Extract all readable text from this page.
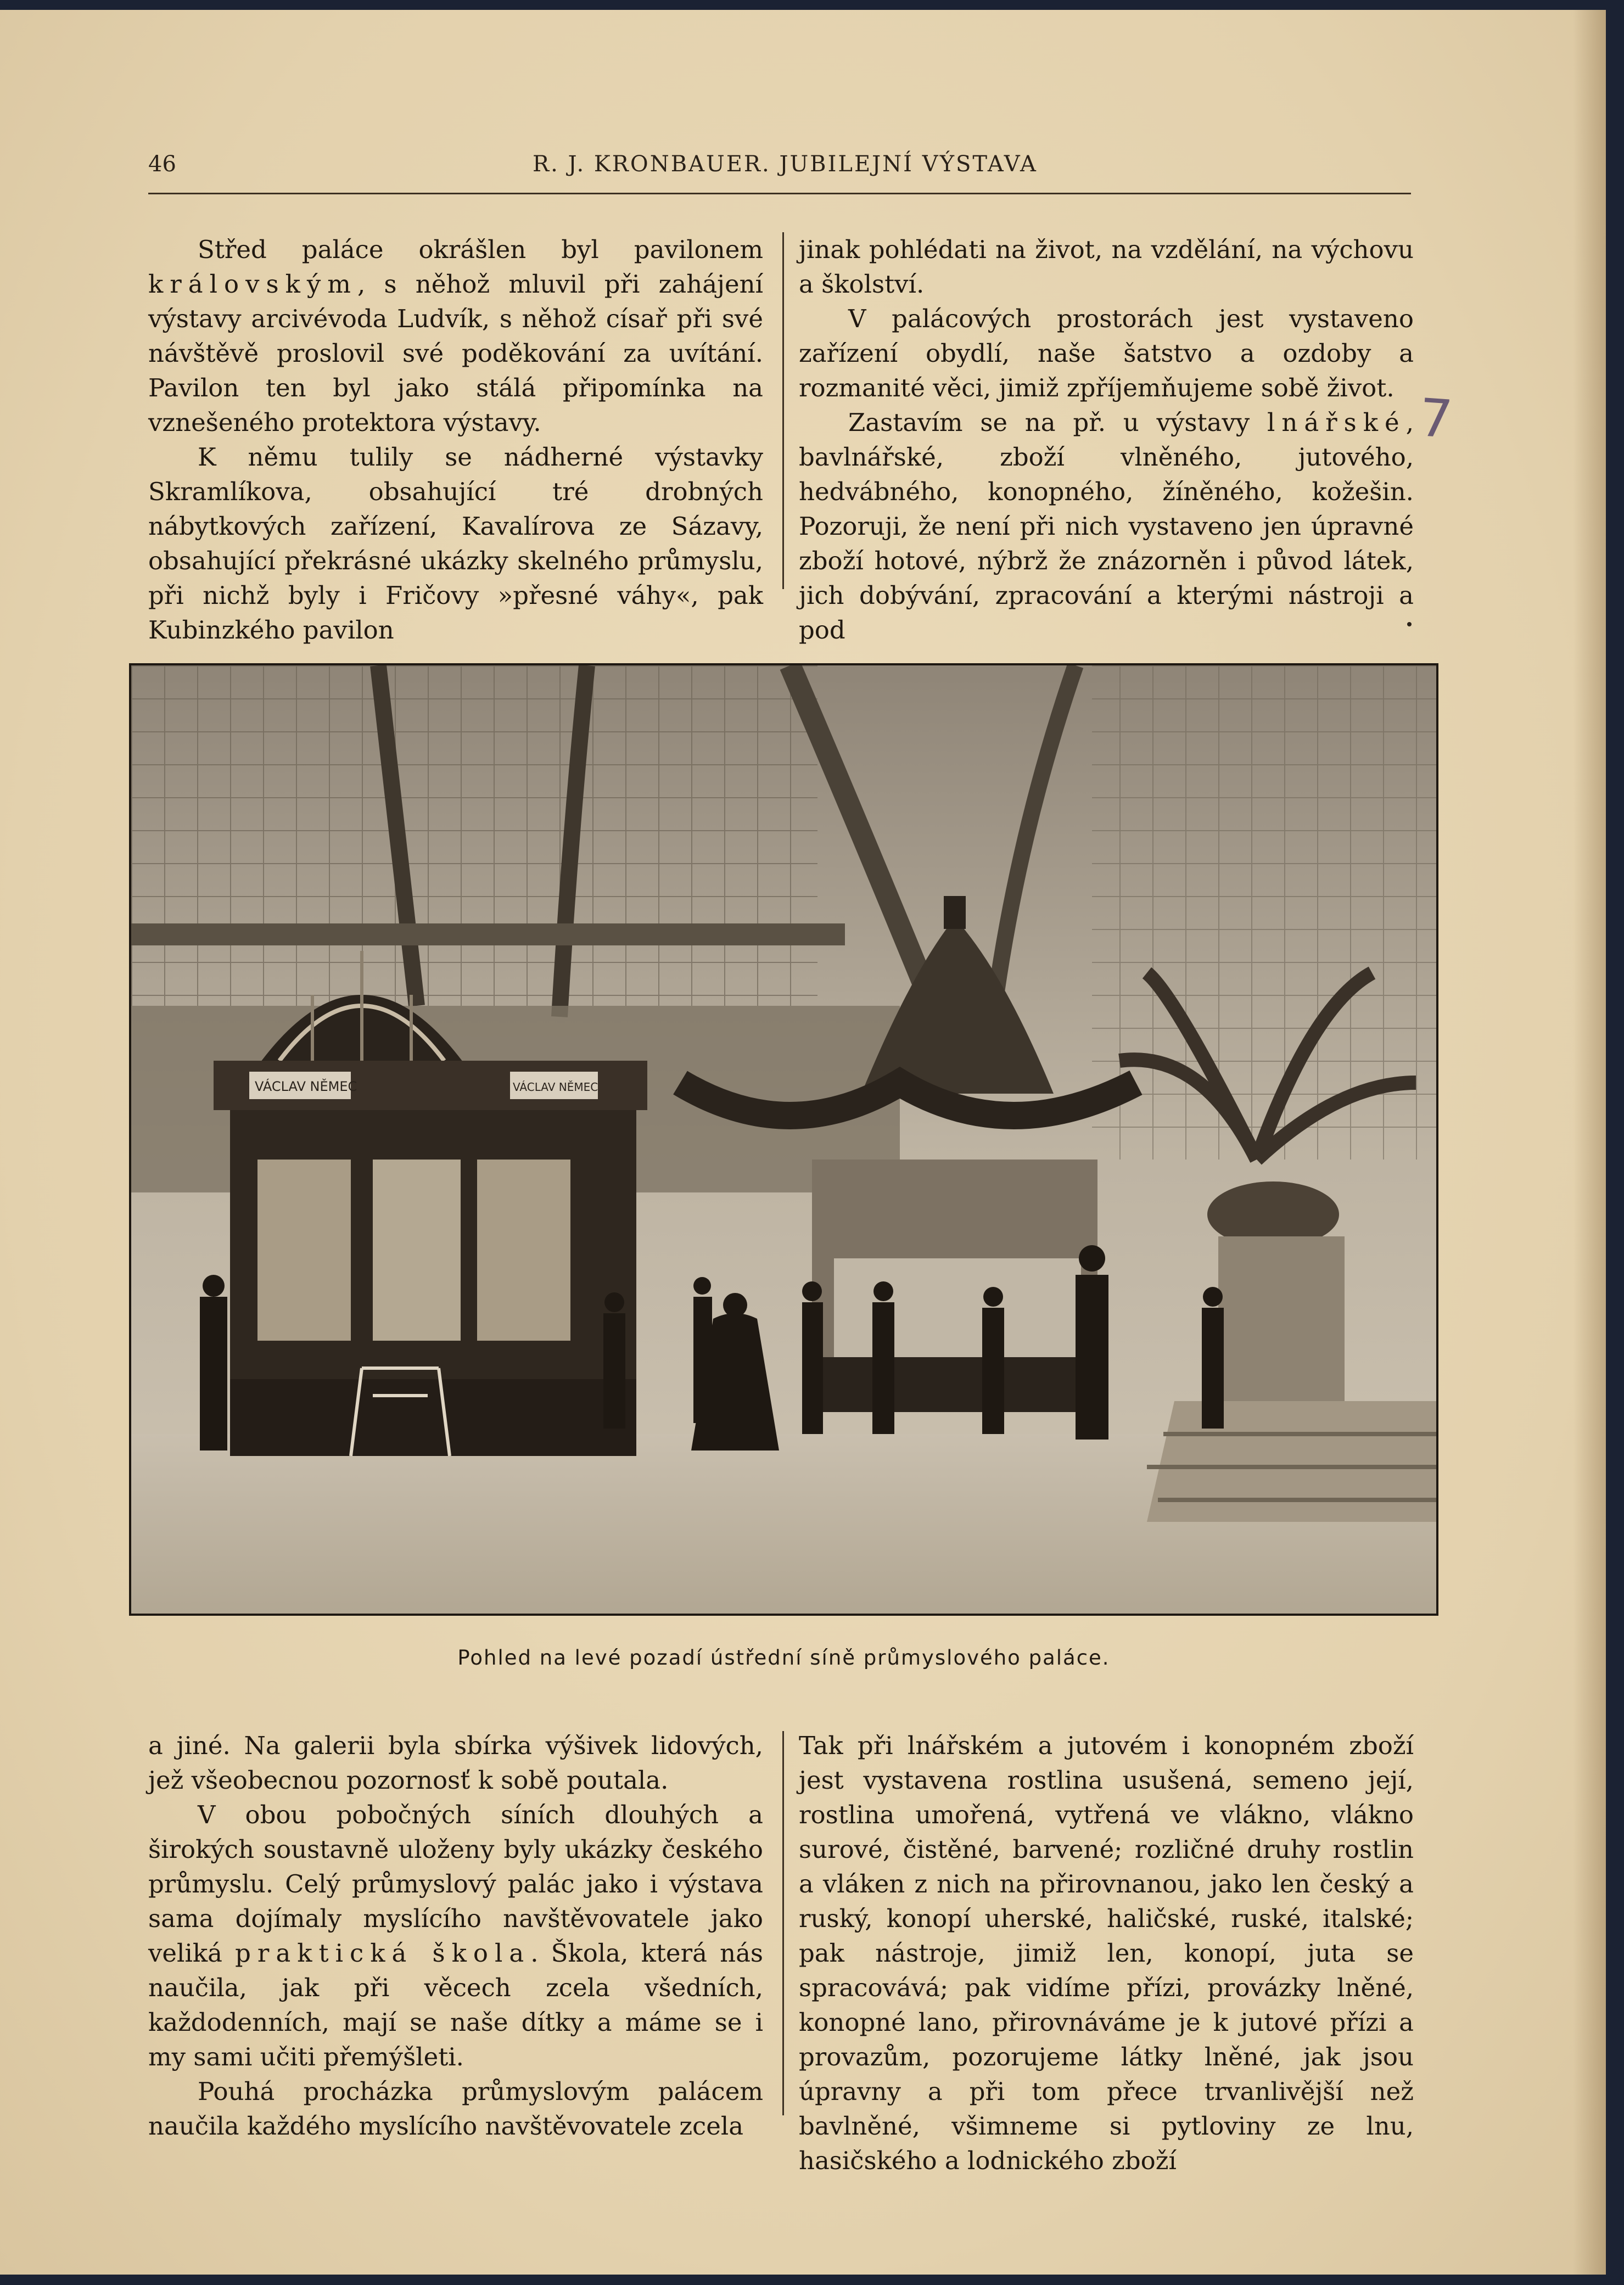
46	R. J. KRONBAUER. JUBILEJNÍ VÝSTAVA

Střed paláce okrášlen byl pavilonem královským, s něhož mluvil při zahájení výstavy arcivévoda Ludvík, s něhož císař při své návštěvě proslovil své poděkování za uvítání. Pavilon ten byl jako stálá připomínka na vznešeného protektora výstavy.

K němu tulily se nádherné výstavky Skramlíkova, obsahující tré drobných nábytkových zařízení, Kavalírova ze Sázavy, obsahující překrásné ukázky skelného průmyslu, při nichž byly i Fričovy »přesné váhy«, pak Kubinzkého pavilon

jinak pohlédati na život, na vzdělání, na výchovu a školství.

V palácových prostorách jest vystaveno zařízení obydlí, naše šatstvo a ozdoby a rozmanité věci, jimiž zpříjemňujeme sobě život.

Zastavím se na př. u výstavy lnářské, bavlnářské, zboží vlněného, jutového, hedvábného, konopného, žíněného, kožešin. Pozoruji, že není při nich vystaveno jen úpravné zboží hotové, nýbrž že znázorněn i původ látek, jich dobývání, zpracování a kterými nástroji a pod

7
VÁCLAV NĚMEC	VÁCLAV NĚMEC
Pohled na levé pozadí ústřední síně průmyslového paláce.

a jiné. Na galerii byla sbírka výšivek lidových, jež všeobecnou pozornosť k sobě poutala.

V obou pobočných síních dlouhých a širokých soustavně uloženy byly ukázky českého průmyslu. Celý průmyslový palác jako i výstava sama dojímaly myslícího navštěvovatele jako veliká praktická škola. Škola, která nás naučila, jak při věcech zcela všedních, každodenních, mají se naše dítky a máme se i my sami učiti přemýšleti.

Pouhá procházka průmyslovým palácem naučila každého myslícího navštěvovatele zcela

Tak při lnářském a jutovém i konopném zboží jest vystavena rostlina usušená, semeno její, rostlina umořená, vytřená ve vlákno, vlákno surové, čistěné, barvené; rozličné druhy rostlin a vláken z nich na přirovnanou, jako len český a ruský, konopí uherské, haličské, ruské, italské; pak nástroje, jimiž len, konopí, juta se spracovává; pak vidíme přízi, provázky lněné, konopné lano, přirovnáváme je k jutové přízi a provazům, pozorujeme látky lněné, jak jsou úpravny a při tom přece trvanlivější než bavlněné, všimneme si pytloviny ze lnu, hasičského a lodnického zboží
